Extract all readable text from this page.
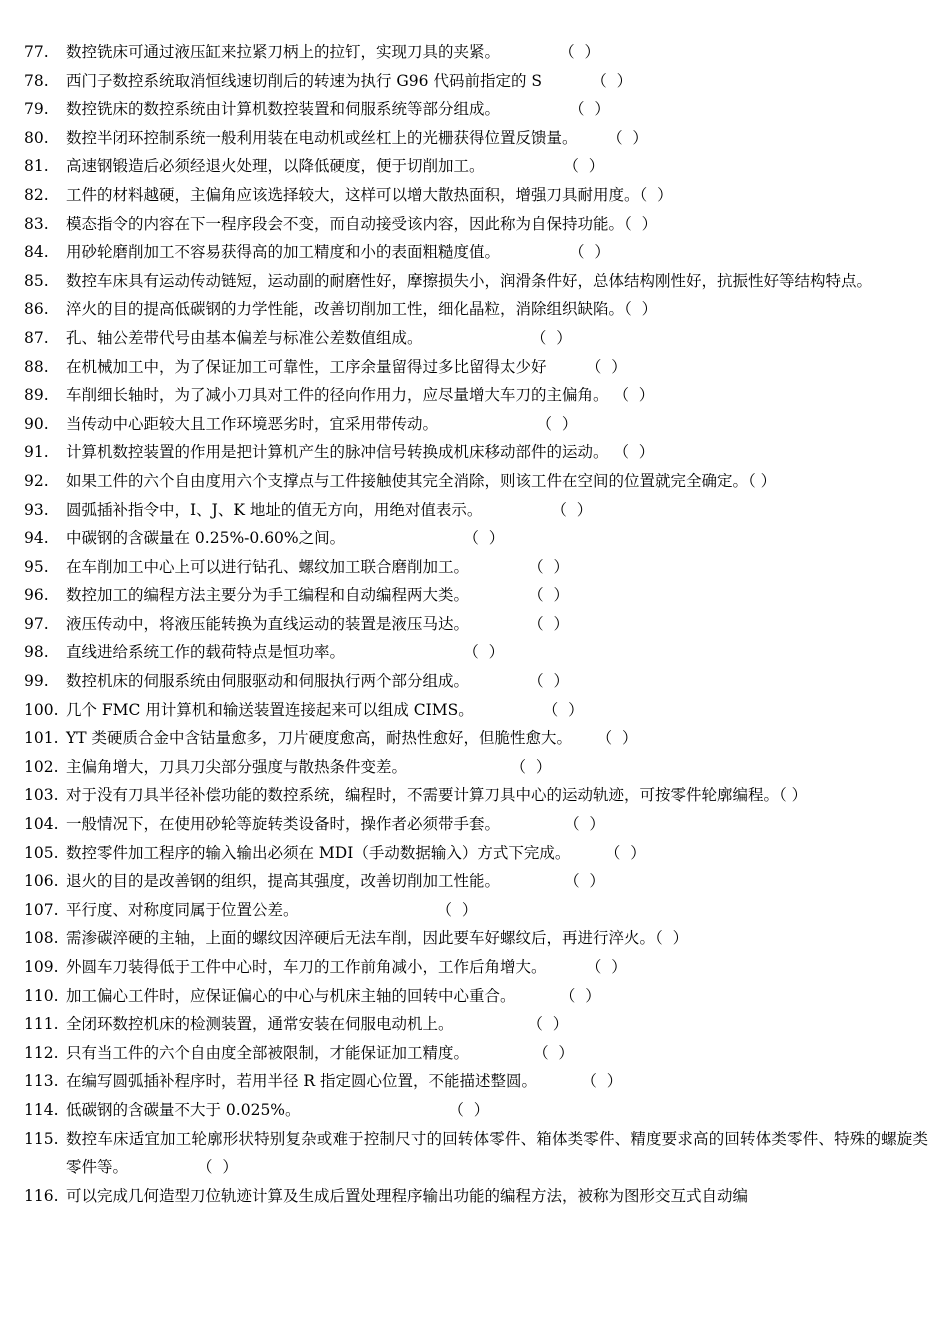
77.	数控铣床可通过液压缸来拉紧刀柄上的拉钉，实现刀具的夹紧。            （  ）
78.	西门子数控系统取消恒线速切削后的转速为执行 G96 代码前指定的 S          （  ）
79.	数控铣床的数控系统由计算机数控装置和伺服系统等部分组成。              （  ）
80.	数控半闭环控制系统一般利用装在电动机或丝杠上的光栅获得位置反馈量。      （  ）
81.	高速钢锻造后必须经退火处理，以降低硬度，便于切削加工。                （  ）
82.	工件的材料越硬，主偏角应该选择较大，这样可以增大散热面积，增强刀具耐用度。（  ）
83.	模态指令的内容在下一程序段会不变，而自动接受该内容，因此称为自保持功能。（  ）
84.	用砂轮磨削加工不容易获得高的加工精度和小的表面粗糙度值。              （  ）
85.	数控车床具有运动传动链短，运动副的耐磨性好，摩擦损失小，润滑条件好，总体结构刚性好，抗振性好等结构特点。
86.	淬火的目的提高低碳钢的力学性能，改善切削加工性，细化晶粒，消除组织缺陷。（  ）
87.	孔、轴公差带代号由基本偏差与标准公差数值组成。                      （  ）
88.	在机械加工中，为了保证加工可靠性，工序余量留得过多比留得太少好        （  ）
89.	车削细长轴时，为了减小刀具对工件的径向作用力，应尽量增大车刀的主偏角。 （  ）
90.	当传动中心距较大且工作环境恶劣时，宜采用带传动。                    （  ）
91.	计算机数控装置的作用是把计算机产生的脉冲信号转换成机床移动部件的运动。 （  ）
92.	如果工件的六个自由度用六个支撑点与工件接触使其完全消除，则该工件在空间的位置就完全确定。（ ）
93.	圆弧插补指令中，I、J、K 地址的值无方向，用绝对值表示。              （  ）
94.	中碳钢的含碳量在 0.25%-0.60%之间。                        （  ）
95.	在车削加工中心上可以进行钻孔、螺纹加工联合磨削加工。            （  ）
96.	数控加工的编程方法主要分为手工编程和自动编程两大类。            （  ）
97.	液压传动中，将液压能转换为直线运动的装置是液压马达。            （  ）
98.	直线进给系统工作的载荷特点是恒功率。                        （  ）
99.	数控机床的伺服系统由伺服驱动和伺服执行两个部分组成。            （  ）
100. 几个 FMC 用计算机和输送装置连接起来可以组成 CIMS。              （  ）
101. YT 类硬质合金中含钴量愈多，刀片硬度愈高，耐热性愈好，但脆性愈大。     （  ）
102. 主偏角增大，刀具刀尖部分强度与散热条件变差。                     （  ）
103. 对于没有刀具半径补偿功能的数控系统，编程时，不需要计算刀具中心的运动轨迹，可按零件轮廓编程。（ ）
104. 一般情况下，在使用砂轮等旋转类设备时，操作者必须带手套。             （  ）
105. 数控零件加工程序的输入输出必须在 MDI（手动数据输入）方式下完成。       （  ）
106. 退火的目的是改善钢的组织，提高其强度，改善切削加工性能。             （  ）
107. 平行度、对称度同属于位置公差。                            （  ）
108. 需渗碳淬硬的主轴，上面的螺纹因淬硬后无法车削，因此要车好螺纹后，再进行淬火。（  ）
109. 外圆车刀装得低于工件中心时，车刀的工作前角减小，工作后角增大。        （  ）
110. 加工偏心工件时，应保证偏心的中心与机床主轴的回转中心重合。         （  ）
111. 全闭环数控机床的检测装置，通常安装在伺服电动机上。               （  ）
112. 只有当工件的六个自由度全部被限制，才能保证加工精度。             （  ）
113. 在编写圆弧插补程序时，若用半径 R 指定圆心位置，不能描述整圆。         （  ）
114. 低碳钢的含碳量不大于 0.025%。                              （  ）
115. 数控车床适宜加工轮廓形状特别复杂或难于控制尺寸的回转体零件、箱体类零件、精度要求高的回转体类零件、特殊的螺旋类零件等。              （  ）
116. 可以完成几何造型刀位轨迹计算及生成后置处理程序输出功能的编程方法，被称为图形交互式自动编
